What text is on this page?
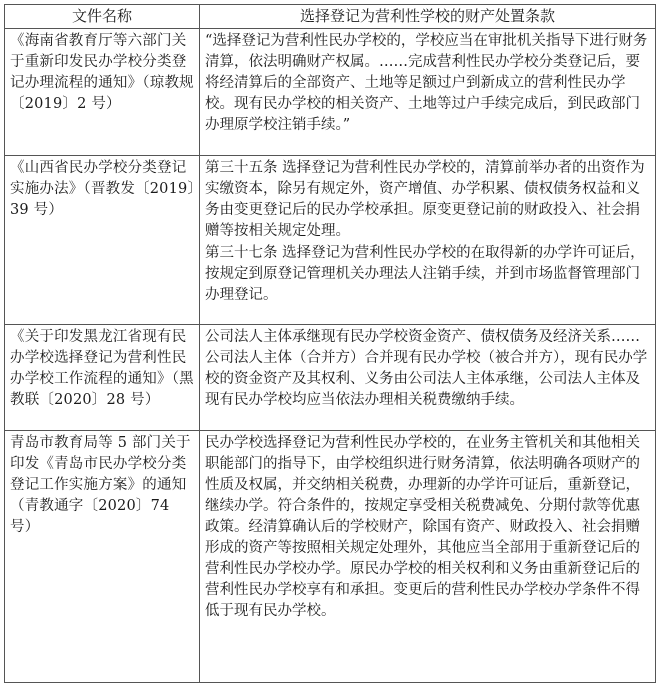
文件名称	选择登记为营利性学校的财产处置条款
《海南省教育厅等六部门关于重新印发民办学校分类登记办理流程的通知》（琼教规〔2019〕2 号）	“选择登记为营利性民办学校的，学校应当在审批机关指导下进行财务清算，依法明确财产权属。……完成营利性民办学校分类登记后，要将经清算后的全部资产、土地等足额过户到新成立的营利性民办学校。现有民办学校的相关资产、土地等过户手续完成后，到民政部门办理原学校注销手续。”

《山西省民办学校分类登记实施办法》（晋教发〔2019〕39 号）	第三十五条 选择登记为营利性民办学校的，清算前举办者的出资作为实缴资本，除另有规定外，资产增值、办学积累、债权债务权益和义务由变更登记后的民办学校承担。原变更登记前的财政投入、社会捐赠等按相关规定处理。
第三十七条 选择登记为营利性民办学校的在取得新的办学许可证后，按规定到原登记管理机关办理法人注销手续，并到市场监督管理部门办理登记。

《关于印发黑龙江省现有民办学校选择登记为营利性民办学校工作流程的通知》（黑教联〔2020〕28 号）	公司法人主体承继现有民办学校资金资产、债权债务及经济关系……公司法人主体（合并方）合并现有民办学校（被合并方），现有民办学校的资金资产及其权利、义务由公司法人主体承继，公司法人主体及现有民办学校均应当依法办理相关税费缴纳手续。

青岛市教育局等 5 部门关于印发《青岛市民办学校分类登记工作实施方案》的通知（青教通字〔2020〕74 号）	民办学校选择登记为营利性民办学校的，在业务主管机关和其他相关职能部门的指导下，由学校组织进行财务清算，依法明确各项财产的性质及权属，并交纳相关税费，办理新的办学许可证后，重新登记，继续办学。符合条件的，按规定享受相关税费减免、分期付款等优惠政策。经清算确认后的学校财产，除国有资产、财政投入、社会捐赠形成的资产等按照相关规定处理外，其他应当全部用于重新登记后的营利性民办学校办学。原民办学校的相关权利和义务由重新登记后的营利性民办学校享有和承担。变更后的营利性民办学校办学条件不得低于现有民办学校。
